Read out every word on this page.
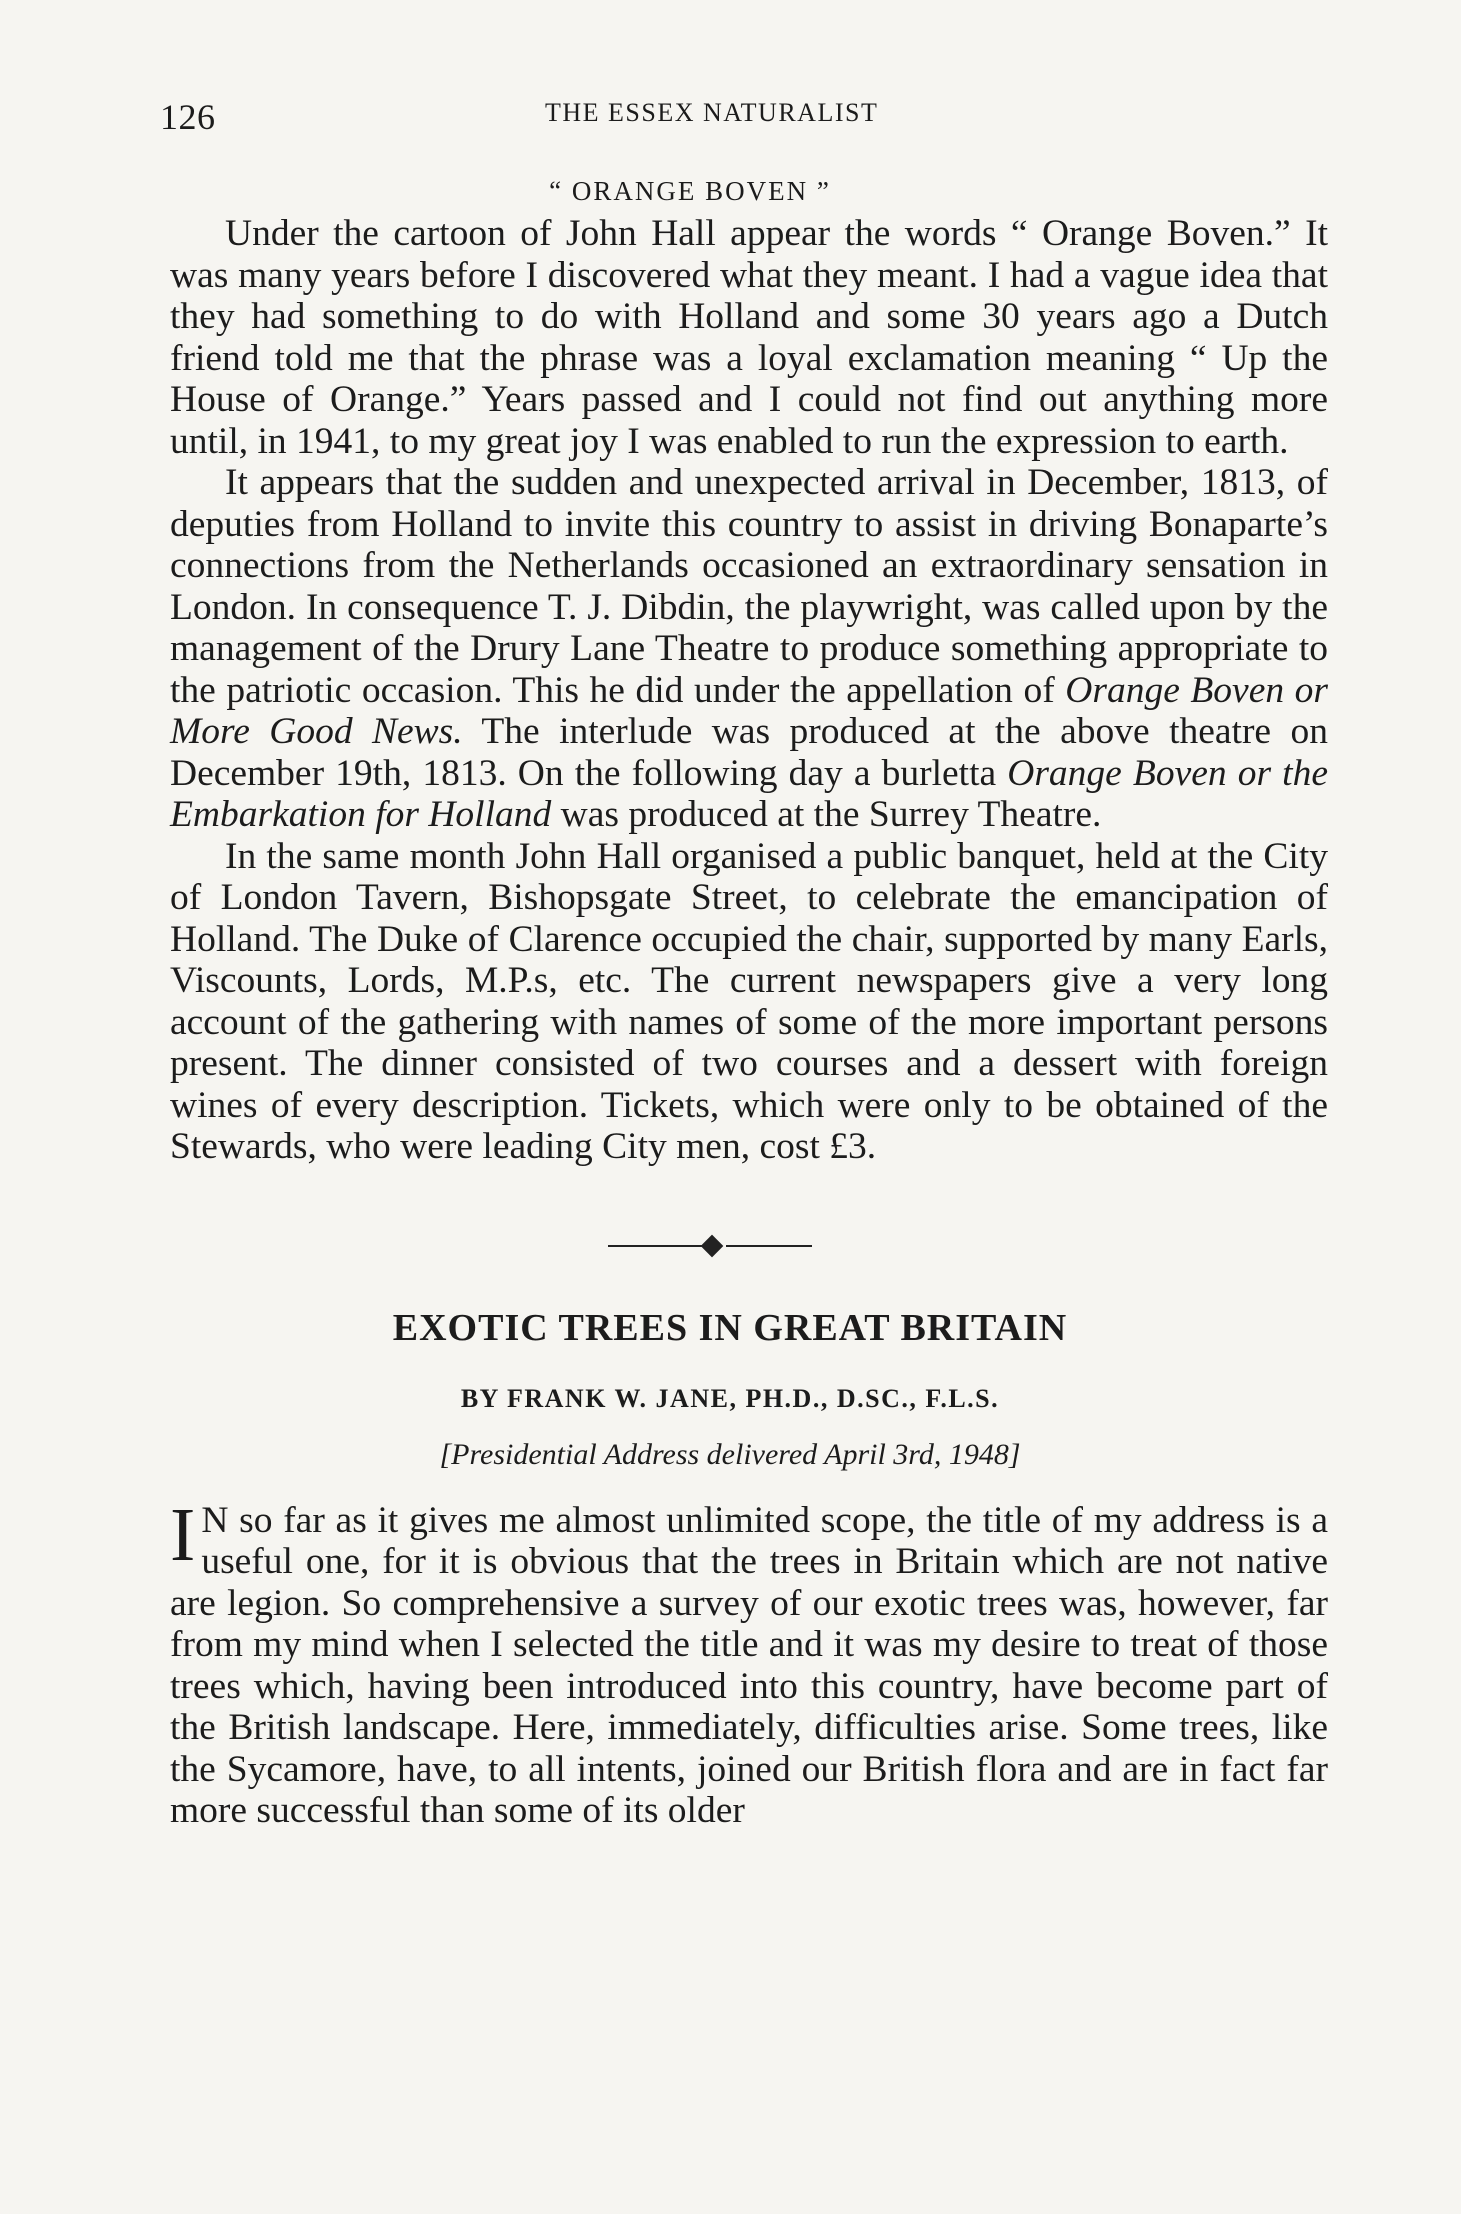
126	THE ESSEX NATURALIST
“ ORANGE BOVEN ”

Under the cartoon of John Hall appear the words “ Orange Boven.” It was many years before I discovered what they meant. I had a vague idea that they had something to do with Holland and some 30 years ago a Dutch friend told me that the phrase was a loyal exclamation meaning “ Up the House of Orange.” Years passed and I could not find out anything more until, in 1941, to my great joy I was enabled to run the expression to earth.

It appears that the sudden and unexpected arrival in December, 1813, of deputies from Holland to invite this country to assist in driving Bonaparte’s connections from the Netherlands occasioned an extraordinary sensation in London. In consequence T. J. Dibdin, the playwright, was called upon by the management of the Drury Lane Theatre to produce something appropriate to the patriotic occasion. This he did under the appellation of Orange Boven or More Good News. The interlude was produced at the above theatre on December 19th, 1813. On the following day a burletta Orange Boven or the Embarkation for Holland was produced at the Surrey Theatre.

In the same month John Hall organised a public banquet, held at the City of London Tavern, Bishopsgate Street, to celebrate the emancipation of Holland. The Duke of Clarence occupied the chair, supported by many Earls, Viscounts, Lords, M.P.s, etc. The current newspapers give a very long account of the gathering with names of some of the more important persons present. The dinner consisted of two courses and a dessert with foreign wines of every description. Tickets, which were only to be obtained of the Stewards, who were leading City men, cost £3.

EXOTIC TREES IN GREAT BRITAIN
BY FRANK W. JANE, PH.D., D.SC., F.L.S.
[Presidential Address delivered April 3rd, 1948]

I N so far as it gives me almost unlimited scope, the title of my address is a useful one, for it is obvious that the trees in Britain which are not native are legion. So comprehensive a survey of our exotic trees was, however, far from my mind when I selected the title and it was my desire to treat of those trees which, having been introduced into this country, have become part of the British landscape. Here, immediately, difficulties arise. Some trees, like the Sycamore, have, to all intents, joined our British flora and are in fact far more successful than some of its older
